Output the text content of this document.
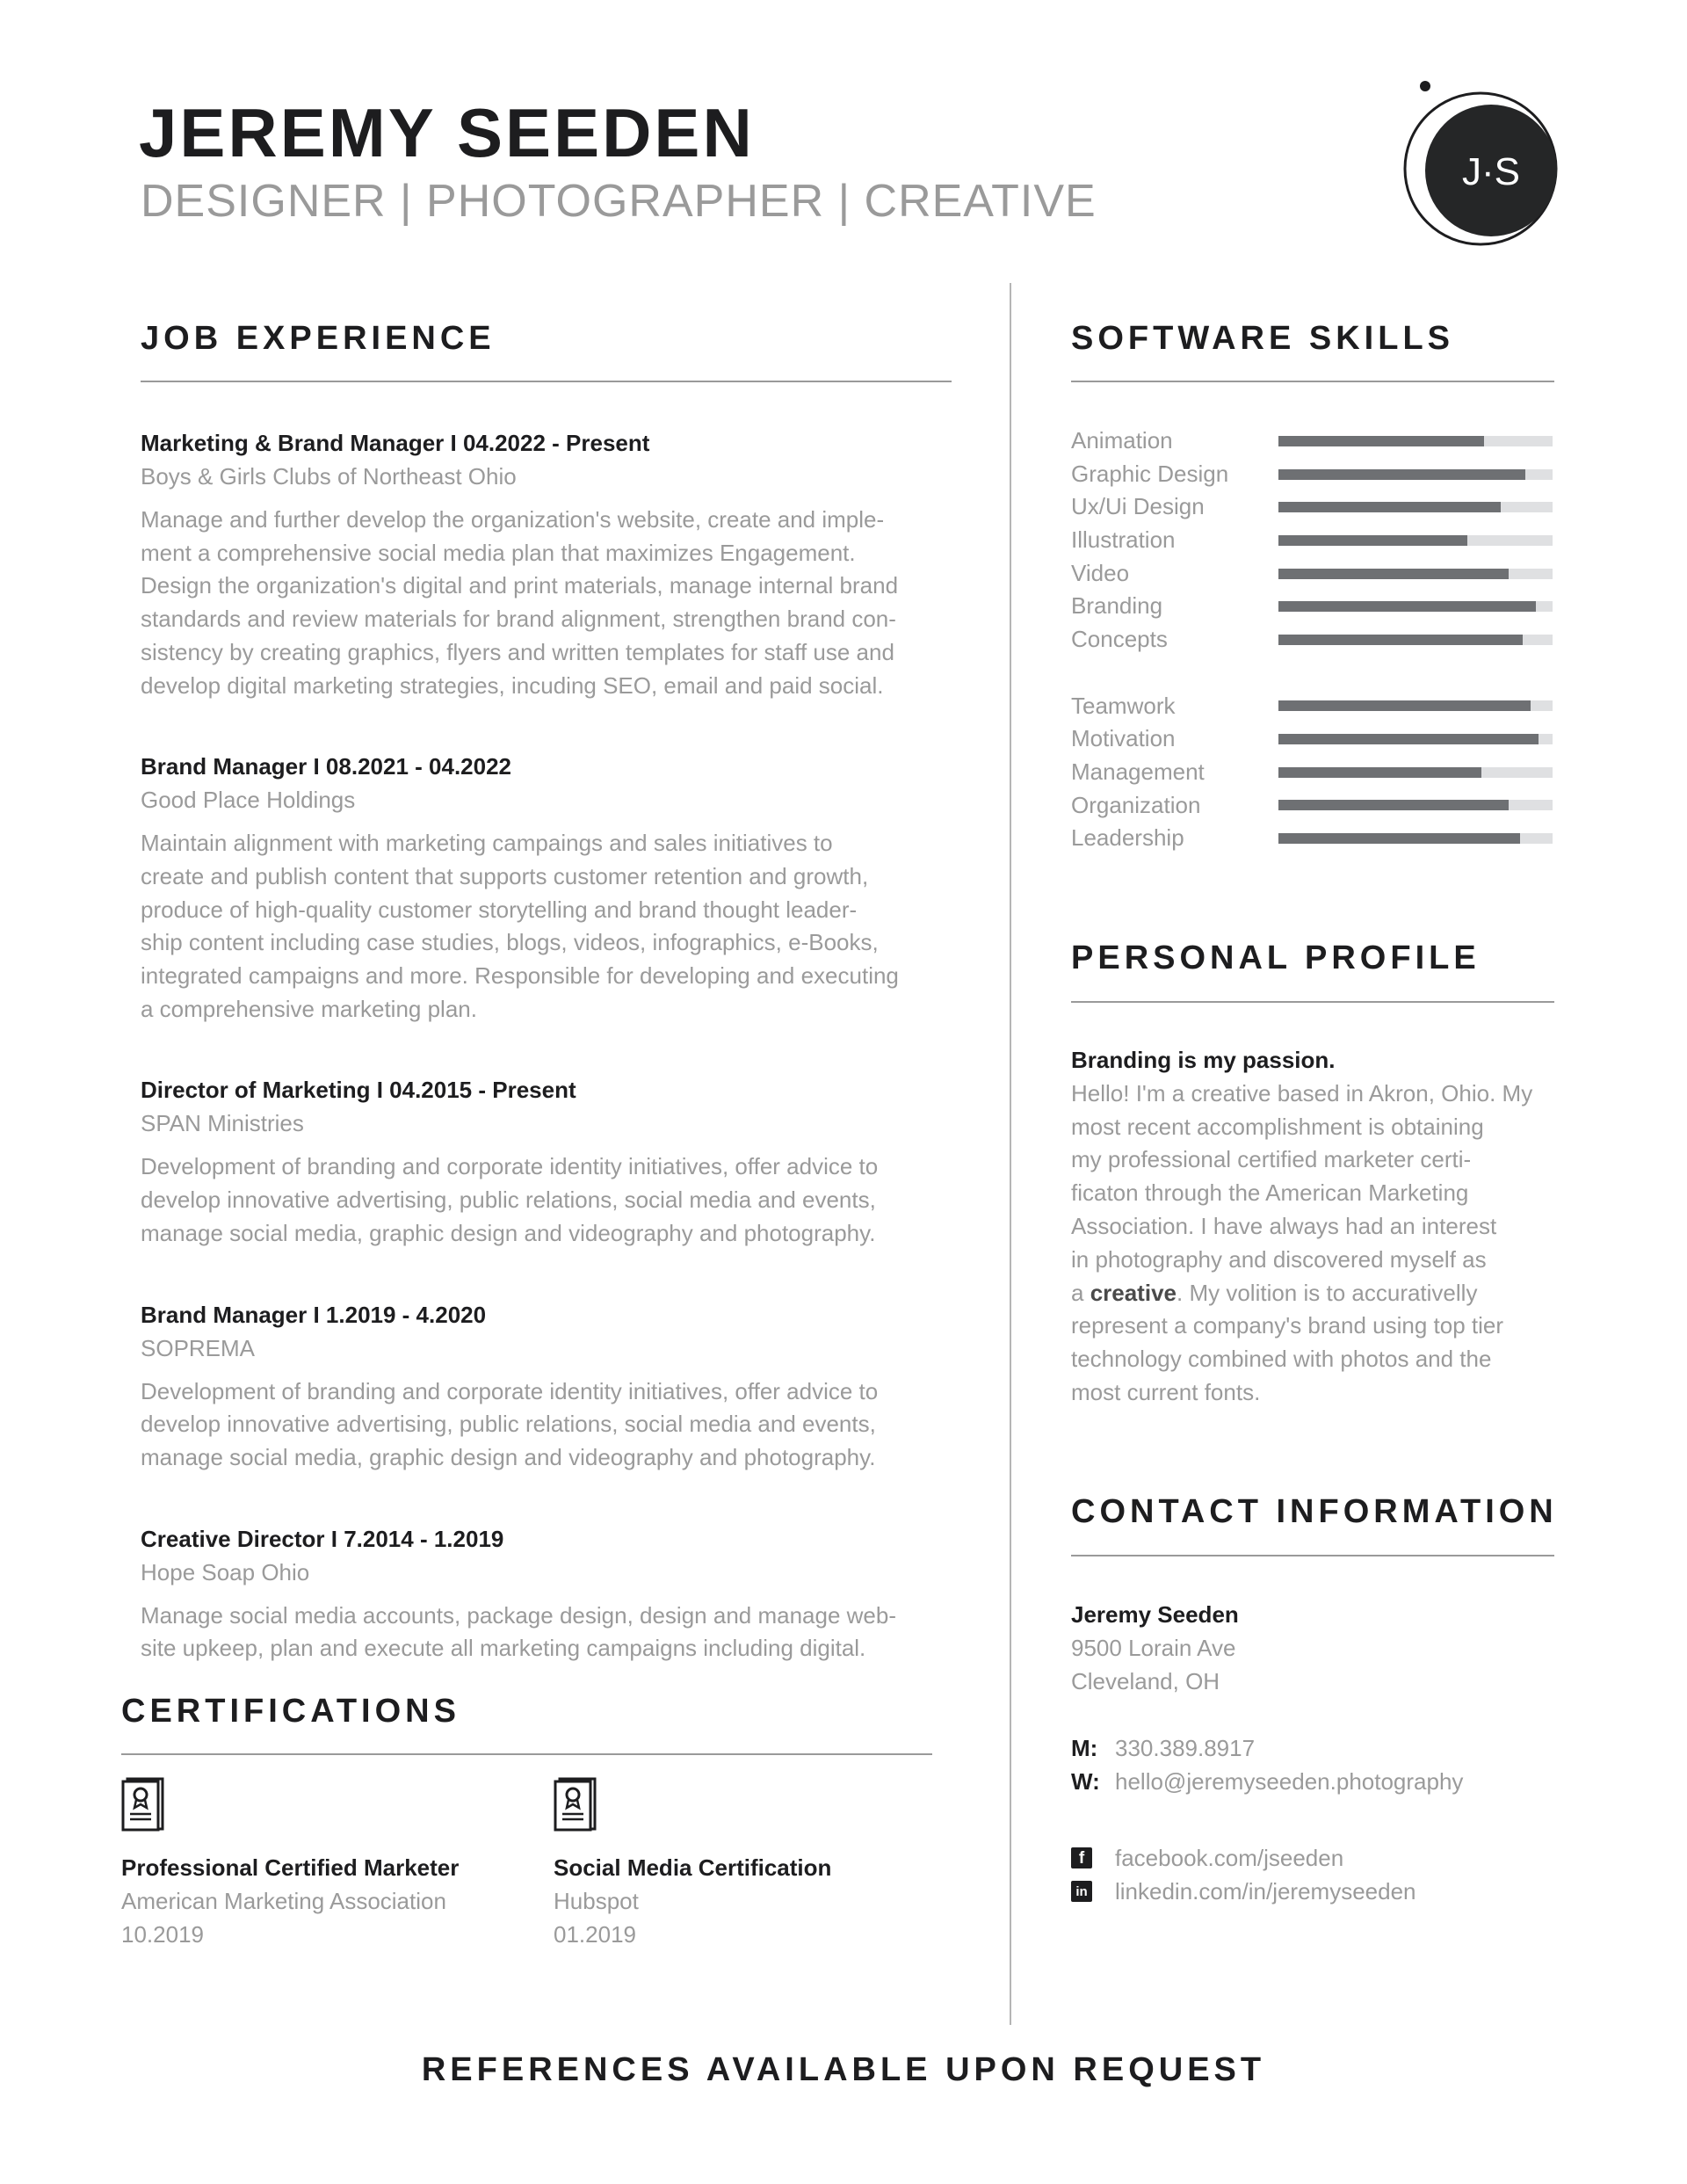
JEREMY SEEDEN
DESIGNER | PHOTOGRAPHER | CREATIVE
J·S
JOB EXPERIENCE
Marketing & Brand Manager I 04.2022 - Present
Boys & Girls Clubs of Northeast Ohio
Manage and further develop the organization's website, create and imple-
ment a comprehensive social media plan that maximizes Engagement.
Design the organization's digital and print materials, manage internal brand
standards and review materials for brand alignment, strengthen brand con-
sistency by creating graphics, flyers and written templates for staff use and
develop digital marketing strategies, incuding SEO, email and paid social.
Brand Manager I 08.2021 - 04.2022
Good Place Holdings
Maintain alignment with marketing campaings and sales initiatives to
create and publish content that supports customer retention and growth,
produce of high-quality customer storytelling and brand thought leader-
ship content including case studies, blogs, videos, infographics, e-Books,
integrated campaigns and more. Responsible for developing and executing
a comprehensive marketing plan.
Director of Marketing I 04.2015 - Present
SPAN Ministries
Development of branding and corporate identity initiatives, offer advice to
develop innovative advertising, public relations, social media and events,
manage social media, graphic design and videography and photography.
Brand Manager I 1.2019 - 4.2020
SOPREMA
Development of branding and corporate identity initiatives, offer advice to
develop innovative advertising, public relations, social media and events,
manage social media, graphic design and videography and photography.
Creative Director I 7.2014 - 1.2019
Hope Soap Ohio
Manage social media accounts, package design, design and manage web-
site upkeep, plan and execute all marketing campaigns including digital.
CERTIFICATIONS
Professional Certified Marketer
American Marketing Association
10.2019
Social Media Certification
Hubspot
01.2019
SOFTWARE SKILLS
Animation
Graphic Design
Ux/Ui Design
Illustration
Video
Branding
Concepts
Teamwork
Motivation
Management
Organization
Leadership
PERSONAL PROFILE
Branding is my passion.
Hello! I'm a creative based in Akron, Ohio. My
most recent accomplishment is obtaining
my professional certified marketer certi-
ficaton through the American Marketing
Association. I have always had an interest
in photography and discovered myself as
a creative. My volition is to accurativelly
represent a company's brand using top tier
technology combined with photos and the
most current fonts.
CONTACT INFORMATION
Jeremy Seeden
9500 Lorain Ave
Cleveland, OH
M: 330.389.8917
W: hello@jeremyseeden.photography
f	facebook.com/jseeden
in linkedin.com/in/jeremyseeden
REFERENCES AVAILABLE UPON REQUEST
